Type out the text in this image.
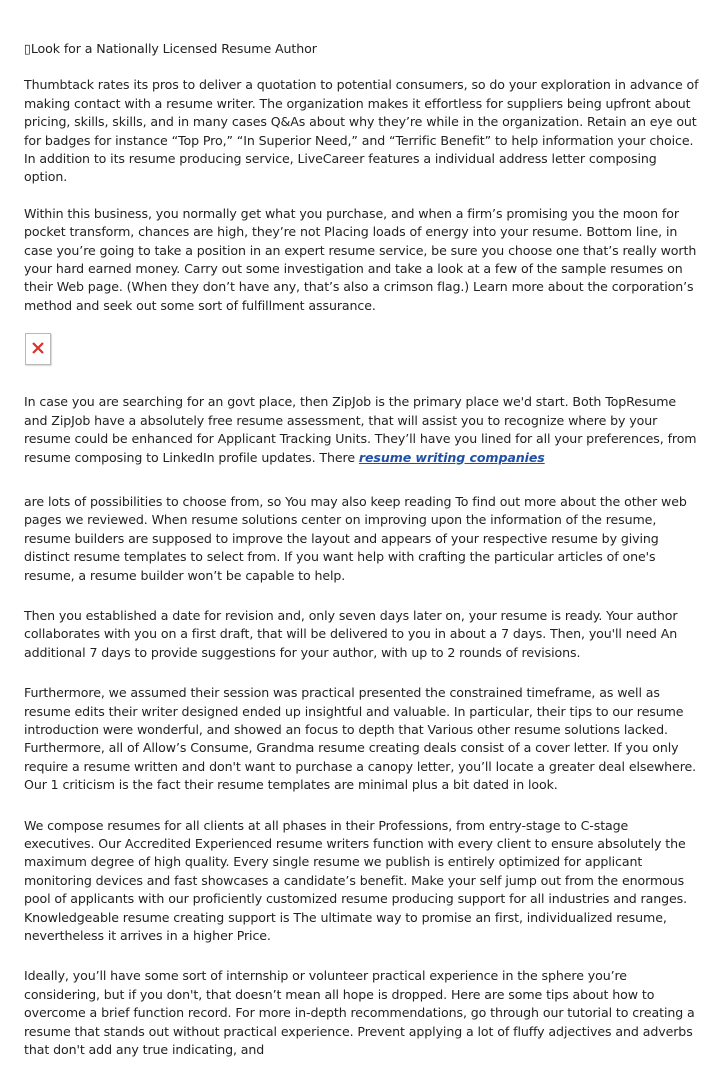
▯Look for a Nationally Licensed Resume Author

Thumbtack rates its pros to deliver a quotation to potential consumers, so do your exploration in advance of making contact with a resume writer. The organization makes it effortless for suppliers being upfront about pricing, skills, skills, and in many cases Q&As about why they’re while in the organization. Retain an eye out for badges for instance “Top Pro,” “In Superior Need,” and “Terrific Benefit” to help information your choice. In addition to its resume producing service, LiveCareer features a individual address letter composing option.

Within this business, you normally get what you purchase, and when a firm’s promising you the moon for pocket transform, chances are high, they’re not Placing loads of energy into your resume. Bottom line, in case you’re going to take a position in an expert resume service, be sure you choose one that’s really worth your hard earned money. Carry out some investigation and take a look at a few of the sample resumes on their Web page. (When they don’t have any, that’s also a crimson flag.) Learn more about the corporation’s method and seek out some sort of fulfillment assurance.

In case you are searching for an govt place, then ZipJob is the primary place we'd start. Both TopResume and ZipJob have a absolutely free resume assessment, that will assist you to recognize where by your resume could be enhanced for Applicant Tracking Units. They’ll have you lined for all your preferences, from resume composing to LinkedIn profile updates. There resume writing companies

are lots of possibilities to choose from, so You may also keep reading To find out more about the other web pages we reviewed. When resume solutions center on improving upon the information of the resume, resume builders are supposed to improve the layout and appears of your respective resume by giving distinct resume templates to select from. If you want help with crafting the particular articles of one's resume, a resume builder won’t be capable to help.

Then you established a date for revision and, only seven days later on, your resume is ready. Your author collaborates with you on a first draft, that will be delivered to you in about a 7 days. Then, you'll need An additional 7 days to provide suggestions for your author, with up to 2 rounds of revisions.

Furthermore, we assumed their session was practical presented the constrained timeframe, as well as resume edits their writer designed ended up insightful and valuable. In particular, their tips to our resume introduction were wonderful, and showed an focus to depth that Various other resume solutions lacked. Furthermore, all of Allow’s Consume, Grandma resume creating deals consist of a cover letter. If you only require a resume written and don't want to purchase a canopy letter, you’ll locate a greater deal elsewhere. Our 1 criticism is the fact their resume templates are minimal plus a bit dated in look.

We compose resumes for all clients at all phases in their Professions, from entry-stage to C-stage executives. Our Accredited Experienced resume writers function with every client to ensure absolutely the maximum degree of high quality. Every single resume we publish is entirely optimized for applicant monitoring devices and fast showcases a candidate’s benefit. Make your self jump out from the enormous pool of applicants with our proficiently customized resume producing support for all industries and ranges. Knowledgeable resume creating support is The ultimate way to promise an first, individualized resume, nevertheless it arrives in a higher Price.

Ideally, you’ll have some sort of internship or volunteer practical experience in the sphere you’re considering, but if you don't, that doesn’t mean all hope is dropped. Here are some tips about how to overcome a brief function record. For more in-depth recommendations, go through our tutorial to creating a resume that stands out without practical experience. Prevent applying a lot of fluffy adjectives and adverbs that don't add any true indicating, and
